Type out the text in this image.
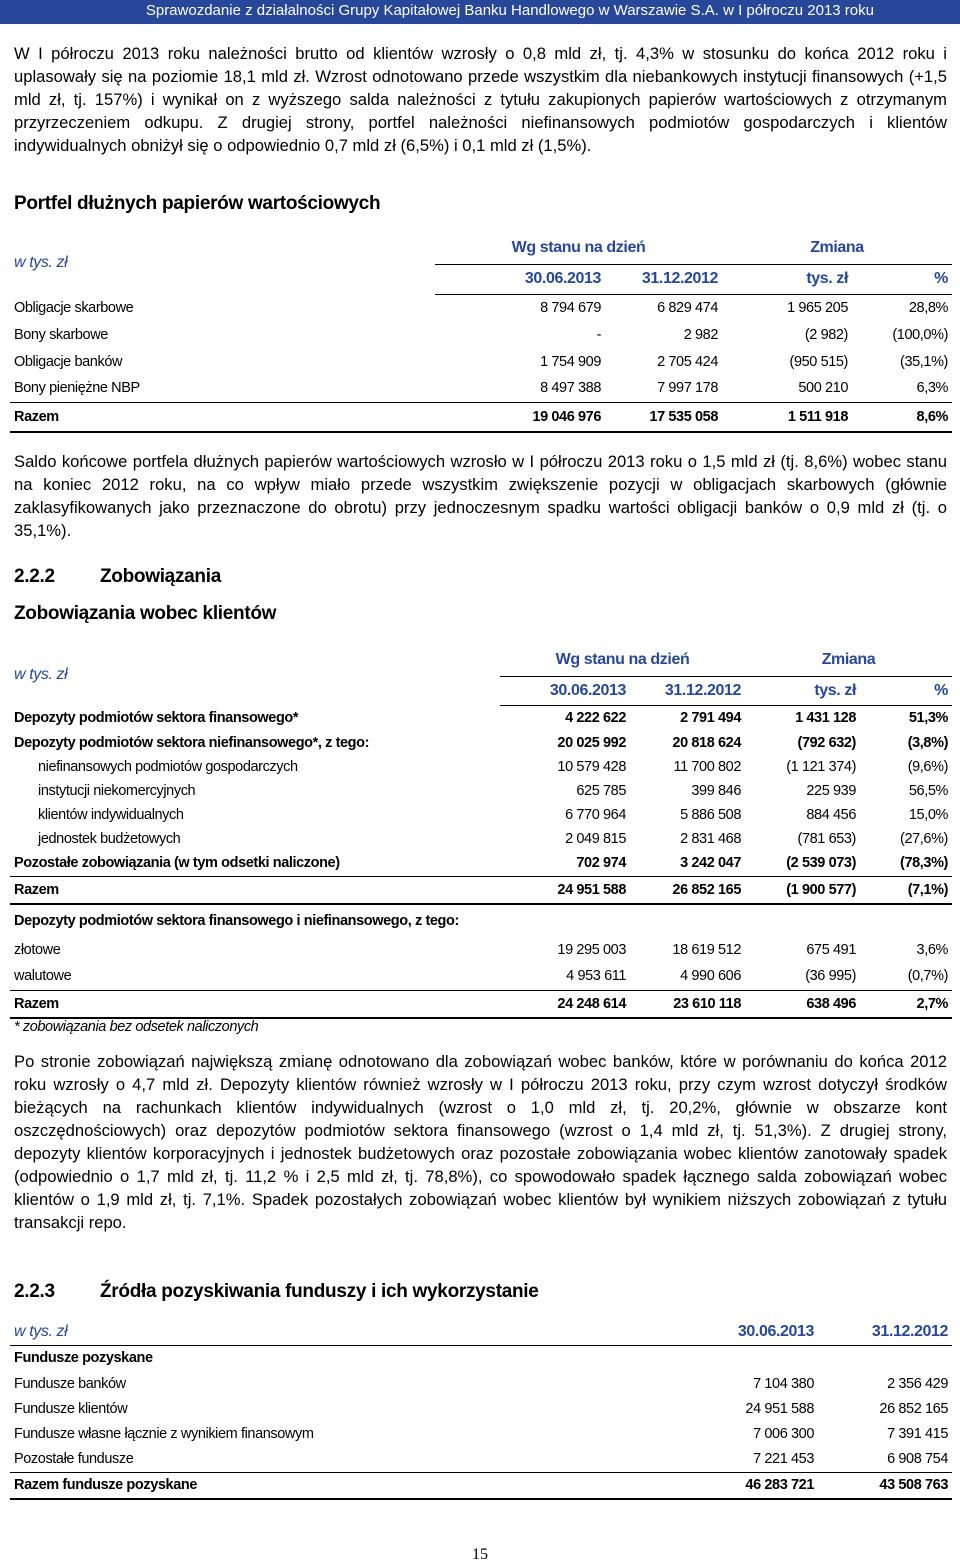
Sprawozdanie z działalności Grupy Kapitałowej Banku Handlowego w Warszawie S.A. w I półroczu 2013 roku
W I półroczu 2013 roku należności brutto od klientów wzrosły o 0,8 mld zł, tj. 4,3% w stosunku do końca 2012 roku i uplasowały się na poziomie 18,1 mld zł. Wzrost odnotowano przede wszystkim dla niebankowych instytucji finansowych (+1,5 mld zł, tj. 157%) i wynikał on z wyższego salda należności z tytułu zakupionych papierów wartościowych z otrzymanym przyrzeczeniem odkupu. Z drugiej strony, portfel należności niefinansowych podmiotów gospodarczych i klientów indywidualnych obniżył się o odpowiednio 0,7 mld zł (6,5%) i 0,1 mld zł (1,5%).
Portfel dłużnych papierów wartościowych
w tys. zł	Wg stanu na dzień		Zmiana	
	30.06.2013	31.12.2012	tys. zł	%
Obligacje skarbowe	8 794 679	6 829 474	1 965 205	28,8%
Bony skarbowe	-	2 982	(2 982)	(100,0%)
Obligacje banków	1 754 909	2 705 424	(950 515)	(35,1%)
Bony pieniężne NBP	8 497 388	7 997 178	500 210	6,3%
Razem	19 046 976	17 535 058	1 511 918	8,6%
Saldo końcowe portfela dłużnych papierów wartościowych wzrosło w I półroczu 2013 roku o 1,5 mld zł (tj. 8,6%) wobec stanu na koniec 2012 roku, na co wpływ miało przede wszystkim zwiększenie pozycji w obligacjach skarbowych (głównie zaklasyfikowanych jako przeznaczone do obrotu) przy jednoczesnym spadku wartości obligacji banków o 0,9 mld zł (tj. o 35,1%).
2.2.2 Zobowiązania
Zobowiązania wobec klientów
w tys. zł	Wg stanu na dzień		Zmiana	
	30.06.2013	31.12.2012	tys. zł	%
Depozyty podmiotów sektora finansowego*	4 222 622	2 791 494	1 431 128	51,3%
Depozyty podmiotów sektora niefinansowego*, z tego:	20 025 992	20 818 624	(792 632)	(3,8%)
niefinansowych podmiotów gospodarczych	10 579 428	11 700 802	(1 121 374)	(9,6%)
instytucji niekomercyjnych	625 785	399 846	225 939	56,5%
klientów indywidualnych	6 770 964	5 886 508	884 456	15,0%
jednostek budżetowych	2 049 815	2 831 468	(781 653)	(27,6%)
Pozostałe zobowiązania (w tym odsetki naliczone)	702 974	3 242 047	(2 539 073)	(78,3%)
Razem	24 951 588	26 852 165	(1 900 577)	(7,1%)
Depozyty podmiotów sektora finansowego i niefinansowego, z tego:				
złotowe	19 295 003	18 619 512	675 491	3,6%
walutowe	4 953 611	4 990 606	(36 995)	(0,7%)
Razem	24 248 614	23 610 118	638 496	2,7%
* zobowiązania bez odsetek naliczonych
Po stronie zobowiązań największą zmianę odnotowano dla zobowiązań wobec banków, które w porównaniu do końca 2012 roku wzrosły o 4,7 mld zł. Depozyty klientów również wzrosły w I półroczu 2013 roku, przy czym wzrost dotyczył środków bieżących na rachunkach klientów indywidualnych (wzrost o 1,0 mld zł, tj. 20,2%, głównie w obszarze kont oszczędnościowych) oraz depozytów podmiotów sektora finansowego (wzrost o 1,4 mld zł, tj. 51,3%). Z drugiej strony, depozyty klientów korporacyjnych i jednostek budżetowych oraz pozostałe zobowiązania wobec klientów zanotowały spadek (odpowiednio o 1,7 mld zł, tj. 11,2 % i 2,5 mld zł, tj. 78,8%), co spowodowało spadek łącznego salda zobowiązań wobec klientów o 1,9 mld zł, tj. 7,1%. Spadek pozostałych zobowiązań wobec klientów był wynikiem niższych zobowiązań z tytułu transakcji repo.
2.2.3 Źródła pozyskiwania funduszy i ich wykorzystanie
w tys. zł	30.06.2013	31.12.2012
Fundusze pozyskane		
Fundusze banków	7 104 380	2 356 429
Fundusze klientów	24 951 588	26 852 165
Fundusze własne łącznie z wynikiem finansowym	7 006 300	7 391 415
Pozostałe fundusze	7 221 453	6 908 754
Razem fundusze pozyskane	46 283 721	43 508 763
15
